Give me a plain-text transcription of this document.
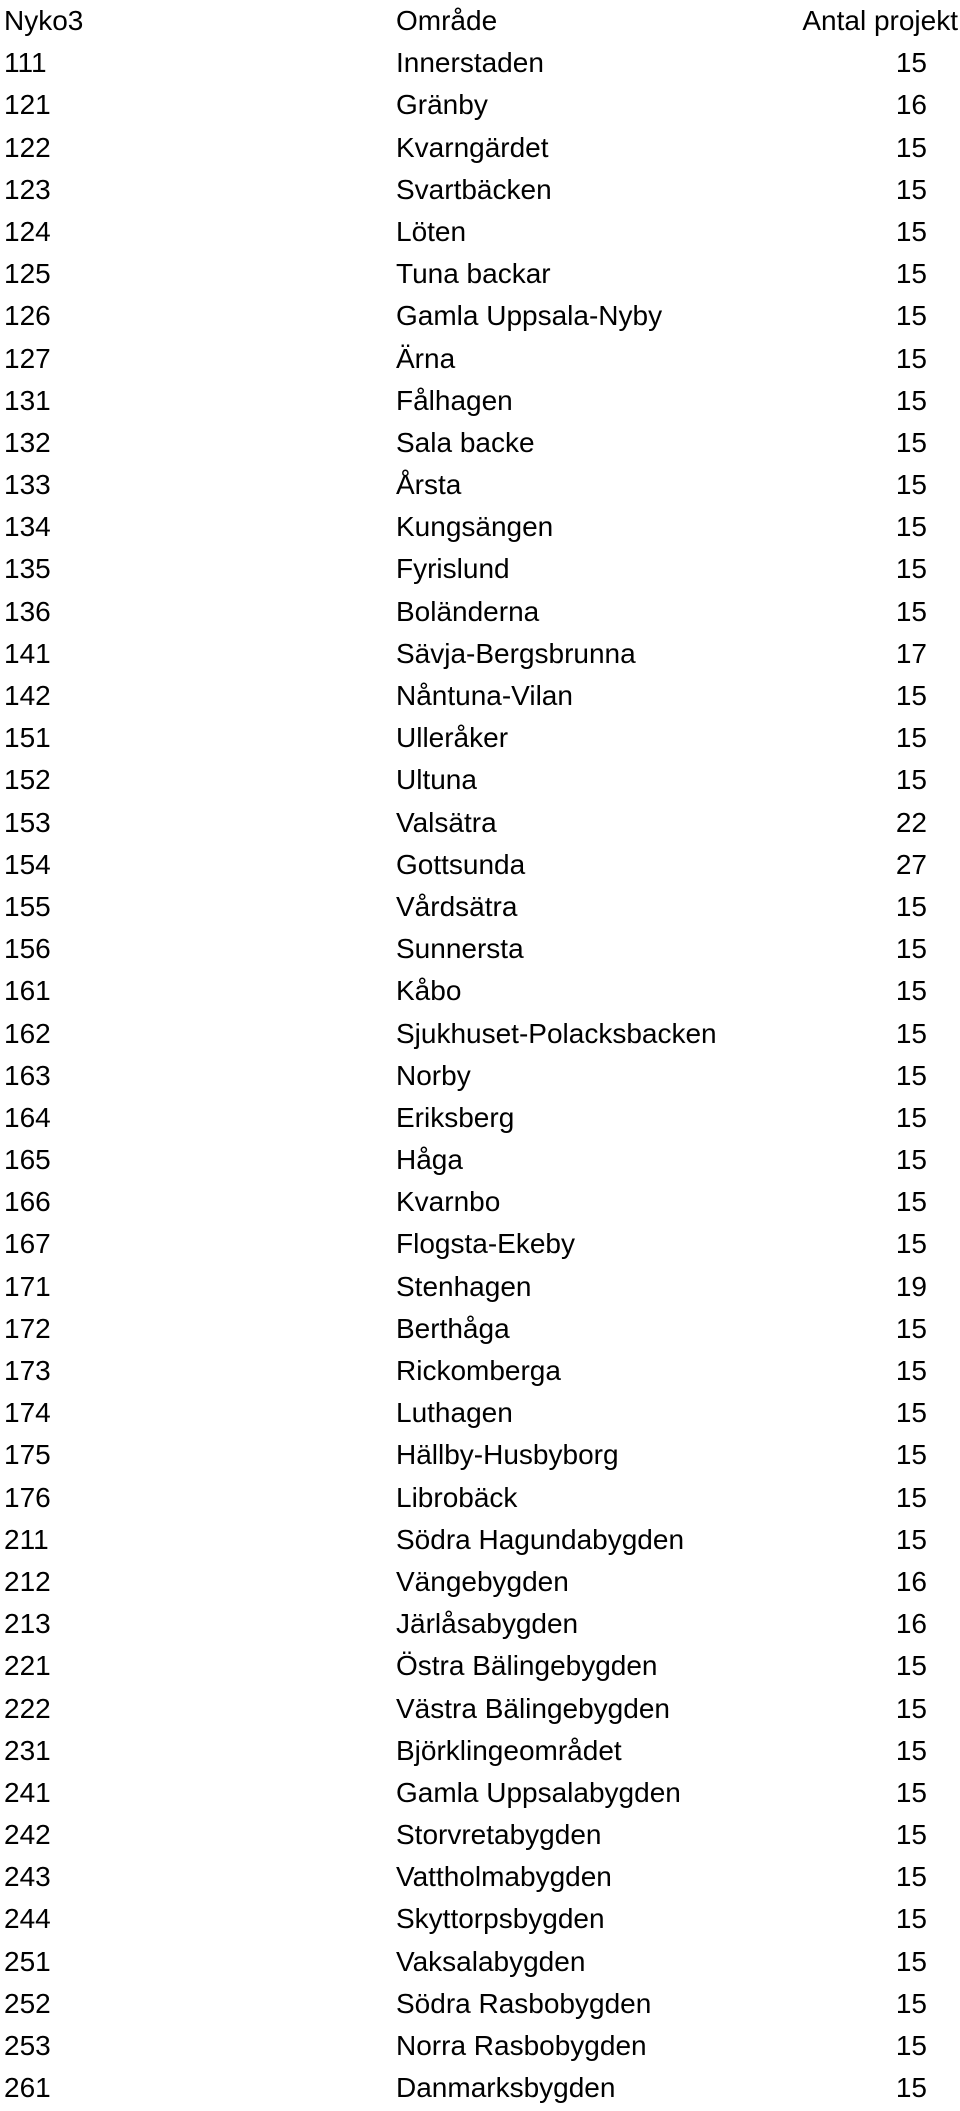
Nyko3	Område	Antal projekt
111	Innerstaden	15
121	Gränby	16
122	Kvarngärdet	15
123	Svartbäcken	15
124	Löten	15
125	Tuna backar	15
126	Gamla Uppsala-Nyby	15
127	Ärna	15
131	Fålhagen	15
132	Sala backe	15
133	Årsta	15
134	Kungsängen	15
135	Fyrislund	15
136	Boländerna	15
141	Sävja-Bergsbrunna	17
142	Nåntuna-Vilan	15
151	Ulleråker	15
152	Ultuna	15
153	Valsätra	22
154	Gottsunda	27
155	Vårdsätra	15
156	Sunnersta	15
161	Kåbo	15
162	Sjukhuset-Polacksbacken	15
163	Norby	15
164	Eriksberg	15
165	Håga	15
166	Kvarnbo	15
167	Flogsta-Ekeby	15
171	Stenhagen	19
172	Berthåga	15
173	Rickomberga	15
174	Luthagen	15
175	Hällby-Husbyborg	15
176	Librobäck	15
211	Södra Hagundabygden	15
212	Vängebygden	16
213	Järlåsabygden	16
221	Östra Bälingebygden	15
222	Västra Bälingebygden	15
231	Björklingeområdet	15
241	Gamla Uppsalabygden	15
242	Storvretabygden	15
243	Vattholmabygden	15
244	Skyttorpsbygden	15
251	Vaksalabygden	15
252	Södra Rasbobygden	15
253	Norra Rasbobygden	15
261	Danmarksbygden	15
